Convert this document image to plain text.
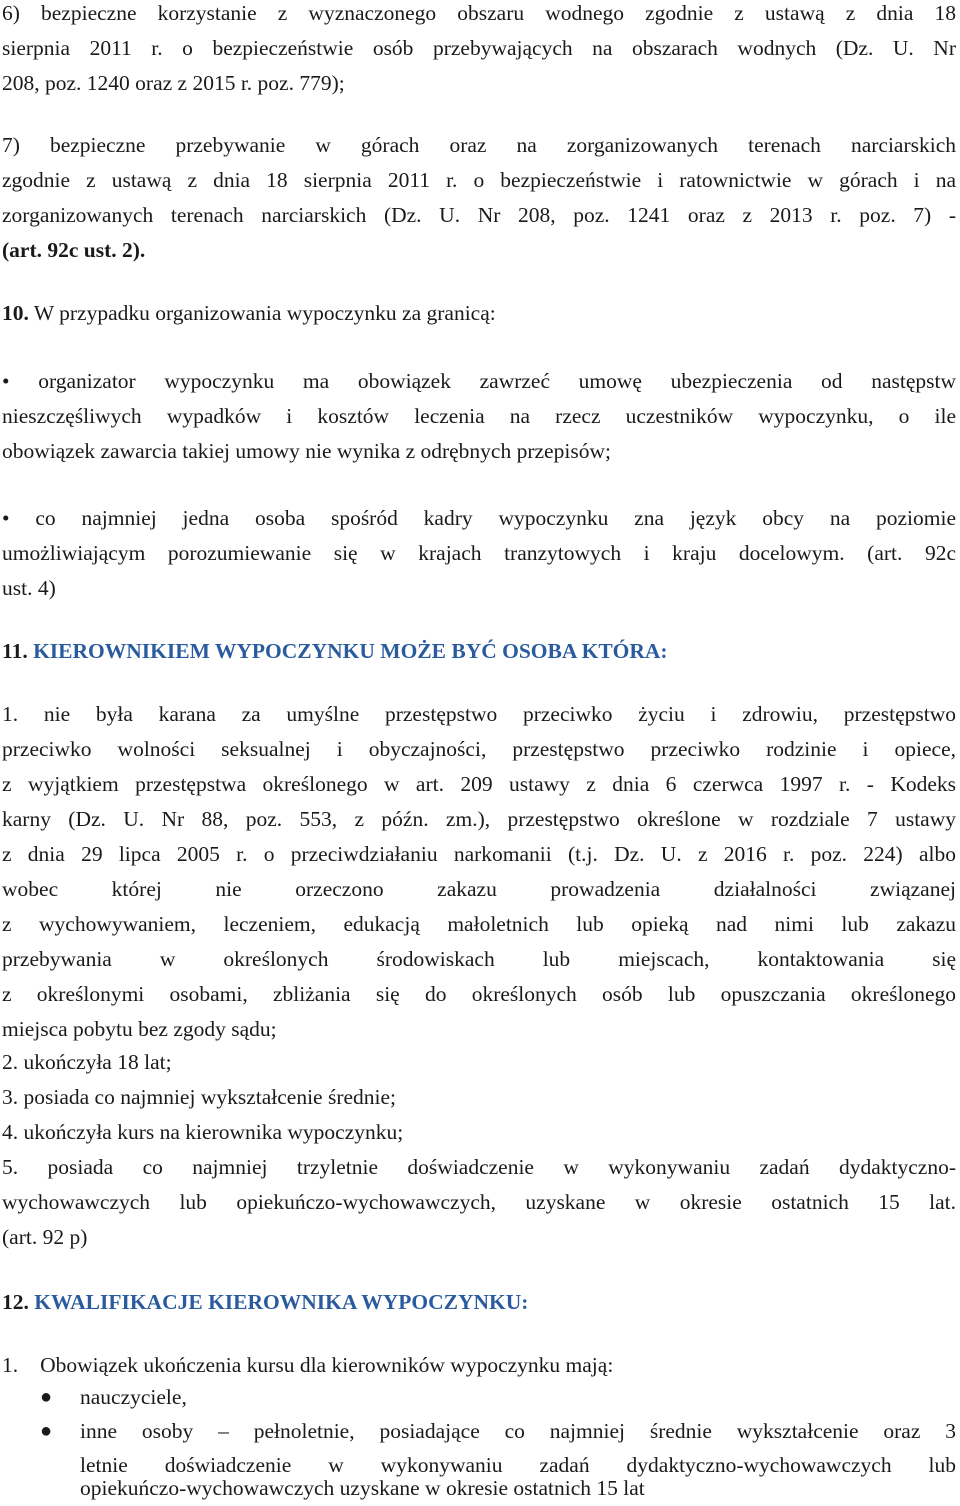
6) bezpieczne korzystanie z wyznaczonego obszaru wodnego zgodnie z ustawą z dnia 18
sierpnia 2011 r. o bezpieczeństwie osób przebywających na obszarach wodnych (Dz. U. Nr
208, poz. 1240 oraz z 2015 r. poz. 779);
7) bezpieczne przebywanie w górach oraz na zorganizowanych terenach narciarskich
zgodnie z ustawą z dnia 18 sierpnia 2011 r. o bezpieczeństwie i ratownictwie w górach i na
zorganizowanych terenach narciarskich (Dz. U. Nr 208, poz. 1241 oraz z 2013 r. poz. 7) -
(art. 92c ust. 2).
10. W przypadku organizowania wypoczynku za granicą:
• organizator wypoczynku ma obowiązek zawrzeć umowę ubezpieczenia od następstw
nieszczęśliwych wypadków i kosztów leczenia na rzecz uczestników wypoczynku, o ile
obowiązek zawarcia takiej umowy nie wynika z odrębnych przepisów;
• co najmniej jedna osoba spośród kadry wypoczynku zna język obcy na poziomie
umożliwiającym porozumiewanie się w krajach tranzytowych i kraju docelowym. (art. 92c
ust. 4)
11. KIEROWNIKIEM WYPOCZYNKU MOŻE BYĆ OSOBA KTÓRA:
1. nie była karana za umyślne przestępstwo przeciwko życiu i zdrowiu, przestępstwo
przeciwko wolności seksualnej i obyczajności, przestępstwo przeciwko rodzinie i opiece,
z wyjątkiem przestępstwa określonego w art. 209 ustawy z dnia 6 czerwca 1997 r. - Kodeks
karny (Dz. U. Nr 88, poz. 553, z późn. zm.), przestępstwo określone w rozdziale 7 ustawy
z dnia 29 lipca 2005 r. o przeciwdziałaniu narkomanii (t.j. Dz. U. z 2016 r. poz. 224) albo
wobec której nie orzeczono zakazu prowadzenia działalności związanej
z wychowywaniem, leczeniem, edukacją małoletnich lub opieką nad nimi lub zakazu
przebywania w określonych środowiskach lub miejscach, kontaktowania się
z określonymi osobami, zbliżania się do określonych osób lub opuszczania określonego
miejsca pobytu bez zgody sądu;
2. ukończyła 18 lat;
3. posiada co najmniej wykształcenie średnie;
4. ukończyła kurs na kierownika wypoczynku;
5. posiada co najmniej trzyletnie doświadczenie w wykonywaniu zadań dydaktyczno-
wychowawczych lub opiekuńczo-wychowawczych, uzyskane w okresie ostatnich 15 lat.
(art. 92 p)
12. KWALIFIKACJE KIEROWNIKA WYPOCZYNKU:
1. Obowiązek ukończenia kursu dla kierowników wypoczynku mają:
● nauczyciele,
● inne osoby – pełnoletnie, posiadające co najmniej średnie wykształcenie oraz 3
letnie doświadczenie w wykonywaniu zadań dydaktyczno-wychowawczych lub
opiekuńczo-wychowawczych uzyskane w okresie ostatnich 15 lat
